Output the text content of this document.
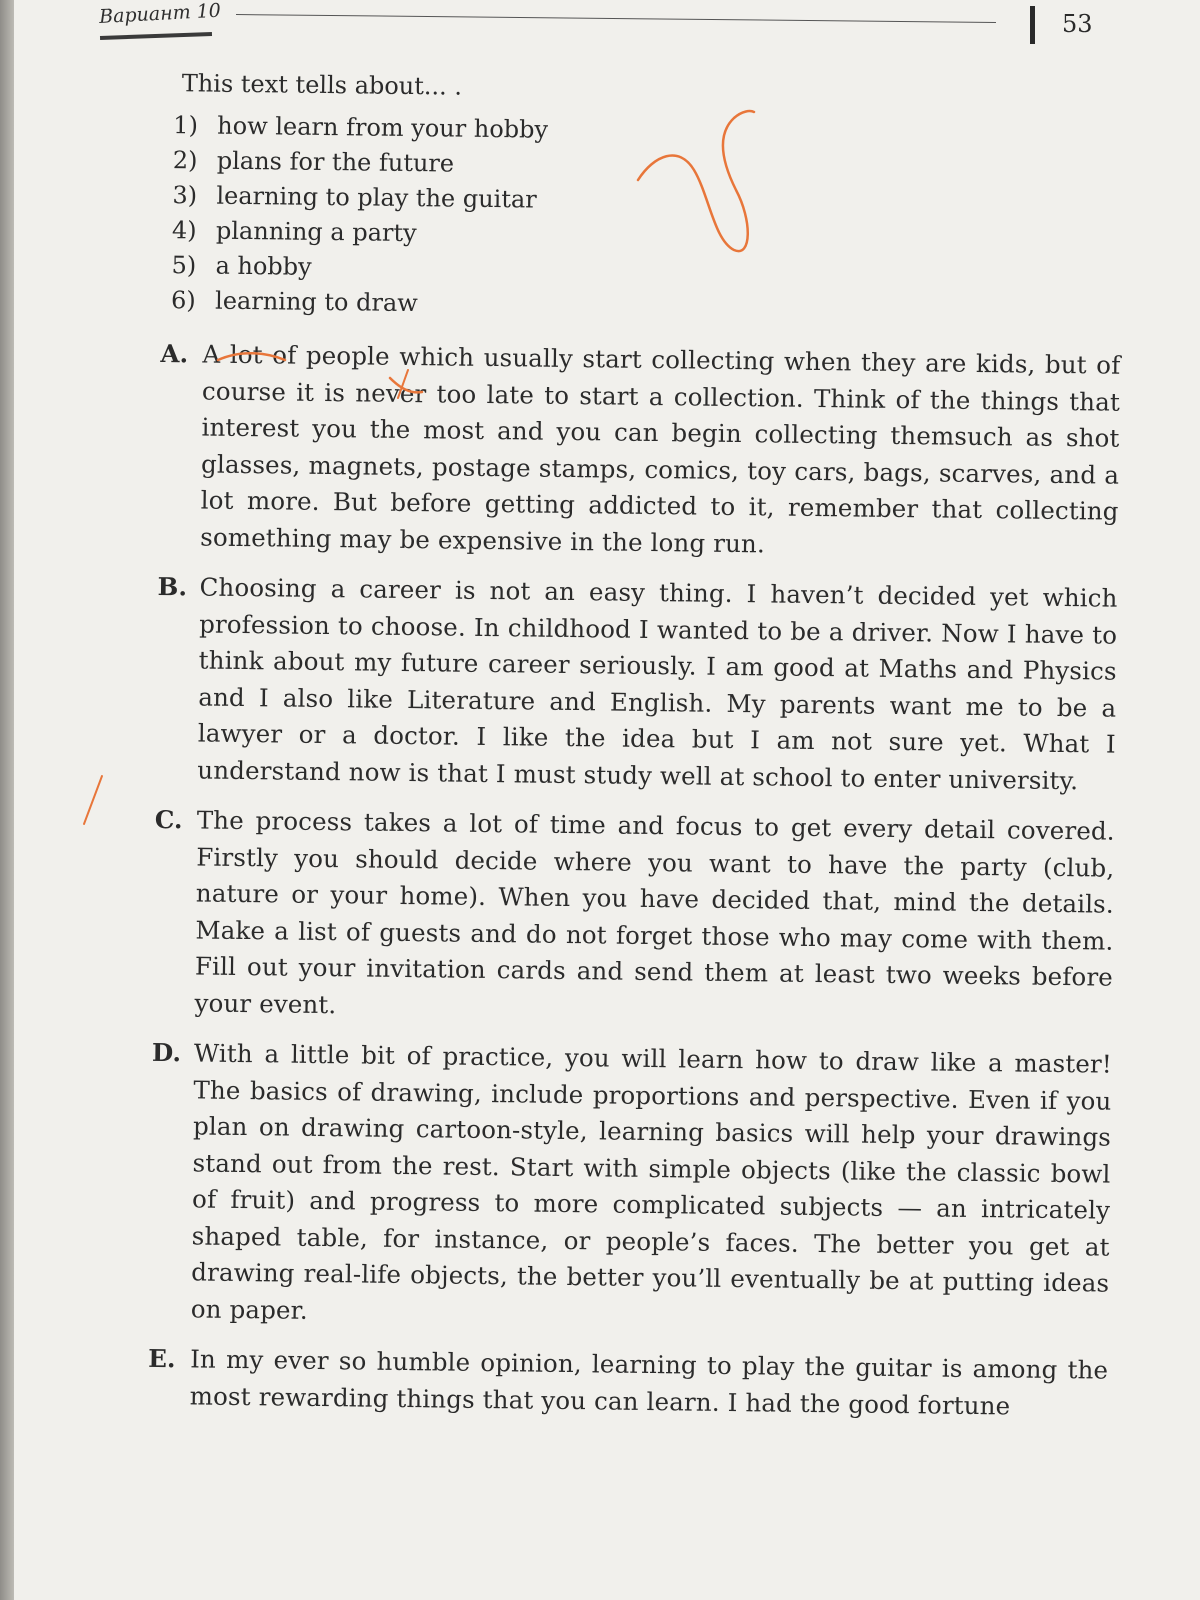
Вариант 10	53
This text tells about... .
1) how learn from your hobby
2) plans for the future
3) learning to play the guitar
4) planning a party
5) a hobby
6) learning to draw
A. A lot of people which usually start collecting when they are kids, but of course it is never too late to start a collection. Think of the things that interest you the most and you can begin collecting themsuch as shot glasses, magnets, postage stamps, comics, toy cars, bags, scarves, and a lot more. But before getting addicted to it, remember that collecting something may be expensive in the long run.
B. Choosing a career is not an easy thing. I haven’t decided yet which profession to choose. In childhood I wanted to be a driver. Now I have to think about my future career seriously. I am good at Maths and Physics and I also like Literature and English. My parents want me to be a lawyer or a doctor. I like the idea but I am not sure yet. What I understand now is that I must study well at school to enter university.
C. The process takes a lot of time and focus to get every detail covered. Firstly you should decide where you want to have the party (club, nature or your home). When you have decided that, mind the details. Make a list of guests and do not forget those who may come with them. Fill out your invitation cards and send them at least two weeks before your event.
D. With a little bit of practice, you will learn how to draw like a master! The basics of drawing, include proportions and perspective. Even if you plan on drawing cartoon-style, learning basics will help your drawings stand out from the rest. Start with simple objects (like the classic bowl of fruit) and progress to more complicated subjects — an intricately shaped table, for instance, or people’s faces. The better you get at drawing real-life objects, the better you’ll eventually be at putting ideas on paper.
E. In my ever so humble opinion, learning to play the guitar is among the most rewarding things that you can learn. I had the good fortune
